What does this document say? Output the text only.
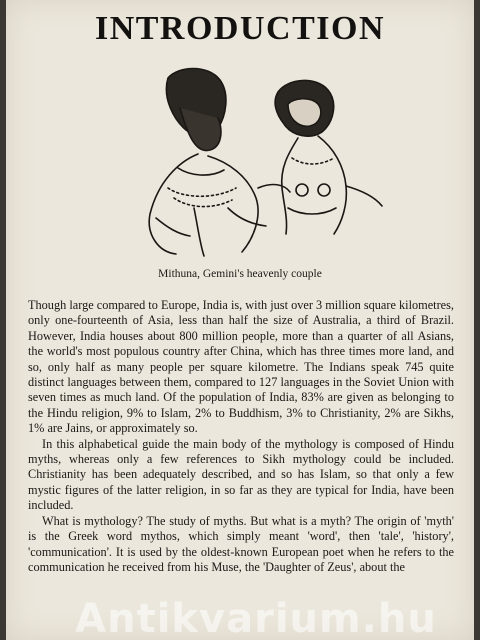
INTRODUCTION
Mithuna, Gemini's heavenly couple

Though large compared to Europe, India is, with just over 3 million square kilometres, only one-fourteenth of Asia, less than half the size of Australia, a third of Brazil. However, India houses about 800 million people, more than a quarter of all Asians, the world's most populous country after China, which has three times more land, and so, only half as many people per square kilometre. The Indians speak 745 quite distinct languages between them, compared to 127 languages in the Soviet Union with seven times as much land. Of the population of India, 83% are given as belonging to the Hindu religion, 9% to Islam, 2% to Buddhism, 3% to Christianity, 2% are Sikhs, 1% are Jains, or approximately so.

In this alphabetical guide the main body of the mythology is composed of Hindu myths, whereas only a few references to Sikh mythology could be included. Christianity has been adequately described, and so has Islam, so that only a few mystic figures of the latter religion, in so far as they are typical for India, have been included.

What is mythology? The study of myths. But what is a myth? The origin of 'myth' is the Greek word mythos, which simply meant 'word', then 'tale', 'history', 'communication'. It is used by the oldest-known European poet when he refers to the communication he received from his Muse, the 'Daughter of Zeus', about the

Antikvarium.hu
